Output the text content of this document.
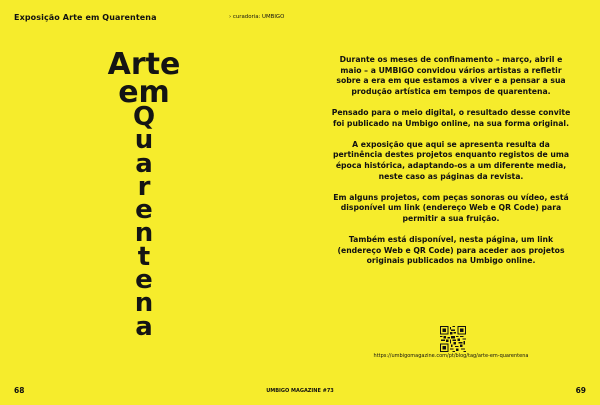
Exposição Arte em Quarentena	› curadoria: UMBIGO
Arte
em
Q
u
a
r
e
n
t
e
n
a

Durante os meses de confinamento – março, abril e maio – a UMBIGO convidou vários artistas a refletir sobre a era em que estamos a viver e a pensar a sua produção artística em tempos de quarentena.

Pensado para o meio digital, o resultado desse convite foi publicado na Umbigo online, na sua forma original.

A exposição que aqui se apresenta resulta da pertinência destes projetos enquanto registos de uma época histórica, adaptando-os a um diferente media, neste caso as páginas da revista.

Em alguns projetos, com peças sonoras ou vídeo, está disponível um link (endereço Web e QR Code) para permitir a sua fruição.

Também está disponível, nesta página, um link (endereço Web e QR Code) para aceder aos projetos originais publicados na Umbigo online.

https://umbigomagazine.com/pt/blog/tag/arte-em-quarentena
68	UMBIGO MAGAZINE #73	69
